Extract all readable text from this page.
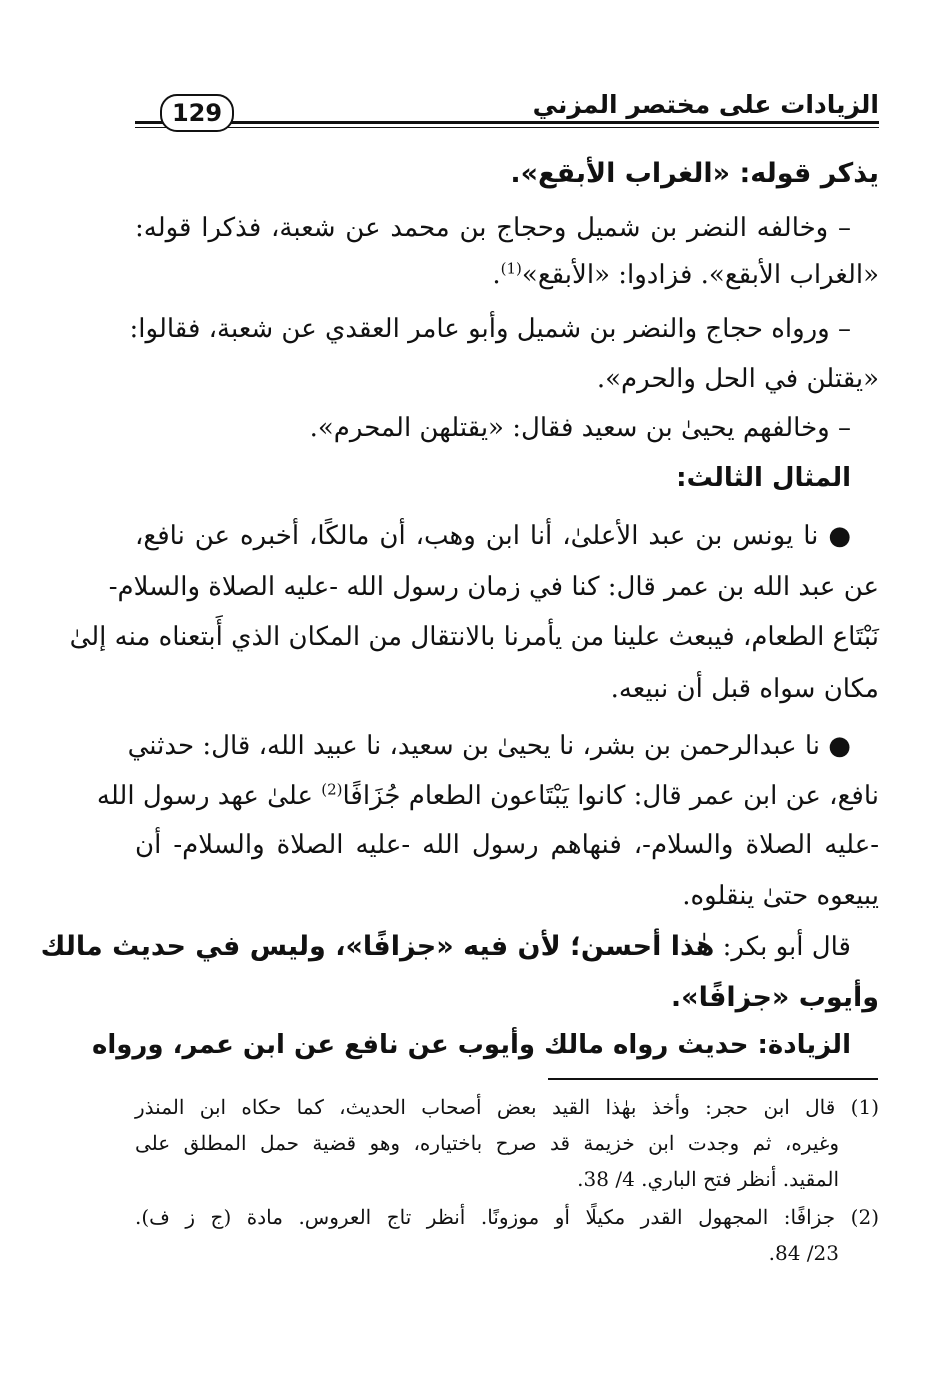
الزيادات على مختصر المزني
129
يذكر قوله: «الغراب الأبقع».
– وخالفه النضر بن شميل وحجاج بن محمد عن شعبة، فذكرا قوله:
«الغراب الأبقع». فزادوا: «الأبقع»$^{(1)}$.
– ورواه حجاج والنضر بن شميل وأبو عامر العقدي عن شعبة، فقالوا:
«يقتلن في الحل والحرم».
– وخالفهم يحيىٰ بن سعيد فقال: «يقتلهن المحرم».
المثال الثالث:
● نا يونس بن عبد الأعلىٰ، أنا ابن وهب، أن مالكًا، أخبره عن نافع،
عن عبد الله بن عمر قال: كنا في زمان رسول الله -عليه الصلاة والسلام-
نَبْتَاع الطعام، فيبعث علينا من يأمرنا بالانتقال من المكان الذي أَبتعناه منه إلىٰ
مكان سواه قبل أن نبيعه.
● نا عبدالرحمن بن بشر، نا يحيىٰ بن سعيد، نا عبيد الله، قال: حدثني
نافع، عن ابن عمر قال: كانوا يَبْتَاعون الطعام جُزَافًا$^{(2)}$ علىٰ عهد رسول الله
-عليه الصلاة والسلام-، فنهاهم رسول الله -عليه الصلاة والسلام- أن
يبيعوه حتىٰ ينقلوه.
قال أبو بكر: هٰذا أحسن؛ لأن فيه «جزافًا»، وليس في حديث مالك
وأيوب «جزافًا».
الزيادة: حديث رواه مالك وأيوب عن نافع عن ابن عمر، ورواه
(1) قال ابن حجر: وأخذ بهٰذا القيد بعض أصحاب الحديث، كما حكاه ابن المنذر
وغيره، ثم وجدت ابن خزيمة قد صرح باختياره، وهو قضية حمل المطلق على
المقيد. أنظر فتح الباري. 4/ 38.
(2) جزافًا: المجهول القدر مكيلًا أو موزونًا. أنظر تاج العروس. مادة (ج ز ف).
23/ 84.
